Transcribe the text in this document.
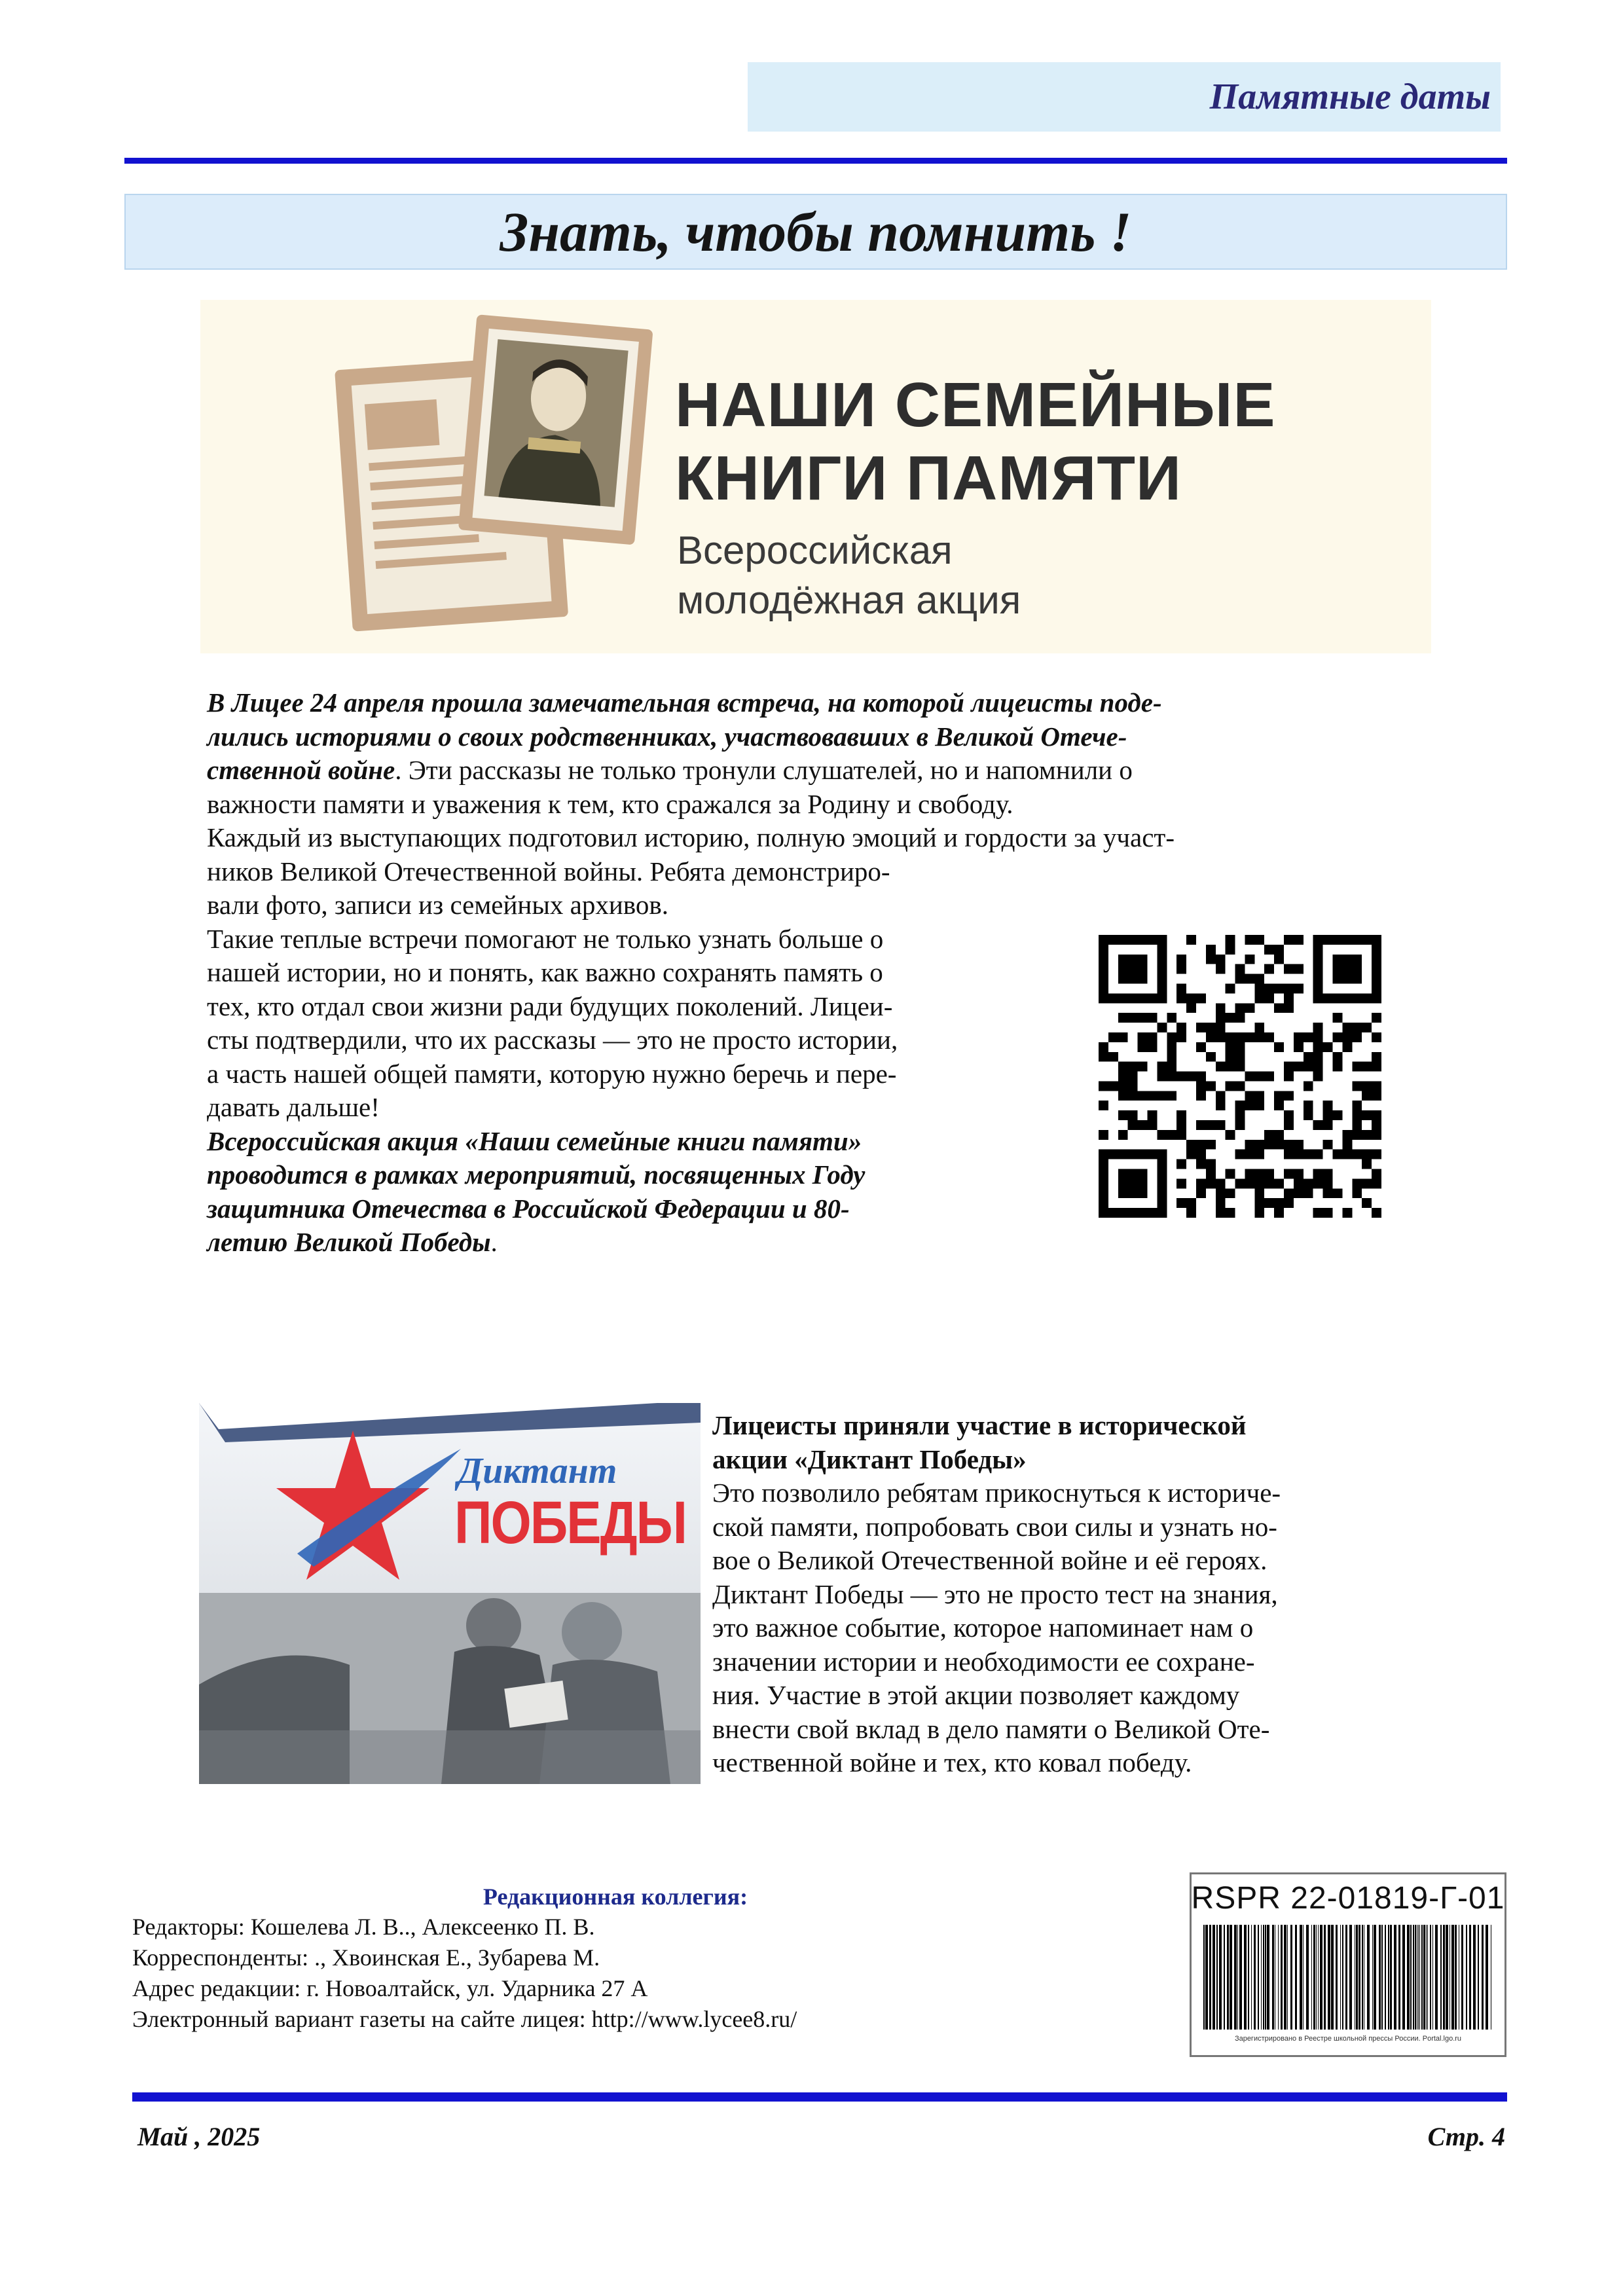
Памятные даты
Знать, чтобы помнить !
НАШИ СЕМЕЙНЫЕ
КНИГИ ПАМЯТИ
Всероссийская
молодёжная акция

В Лицее 24 апреля прошла замечательная встреча, на которой лицеисты поде-

лились историями о своих родственниках, участвовавших в Великой Отече-

ственной войне. Эти рассказы не только тронули слушателей, но и напомнили о

важности памяти и уважения к тем, кто сражался за Родину и свободу.

Каждый из выступающих подготовил историю, полную эмоций и гордости за участ-

ников Великой Отечественной войны. Ребята демонстриро-

вали фото, записи из семейных архивов.

Такие теплые встречи помогают не только узнать больше о

нашей истории, но и понять, как важно сохранять память о

тех, кто отдал свои жизни ради будущих поколений. Лицеи-

сты подтвердили, что их рассказы — это не просто истории,

а часть нашей общей памяти, которую нужно беречь и пере-

давать дальше!

Всероссийская акция «Наши семейные книги памяти»

проводится в рамках мероприятий, посвященных Году

защитника Отечества в Российской Федерации и 80-

летию Великой Победы.

Диктант
ПОБЕДЫ

Лицеисты приняли участие в исторической

акции «Диктант Победы»

Это позволило ребятам прикоснуться к историче-

ской памяти, попробовать свои силы и узнать но-

вое о Великой Отечественной войне и её героях.

Диктант Победы — это не просто тест на знания,

это важное событие, которое напоминает нам о

значении истории и необходимости ее сохране-

ния. Участие в этой акции позволяет каждому

внести свой вклад в дело памяти о Великой Оте-

чественной войне и тех, кто ковал победу.

Редакционная коллегия:
Редакторы: Кошелева Л. В.., Алексеенко П. В.
Корреспонденты: ., Хвоинская Е., Зубарева М.
Адрес редакции: г. Новоалтайск, ул. Ударника 27 А
Электронный вариант газеты на сайте лицея: http://www.lycee8.ru/
RSPR 22-01819-Г-01
Зарегистрировано в Реестре школьной прессы России. Portal.lgo.ru
Май , 2025	Стр. 4
